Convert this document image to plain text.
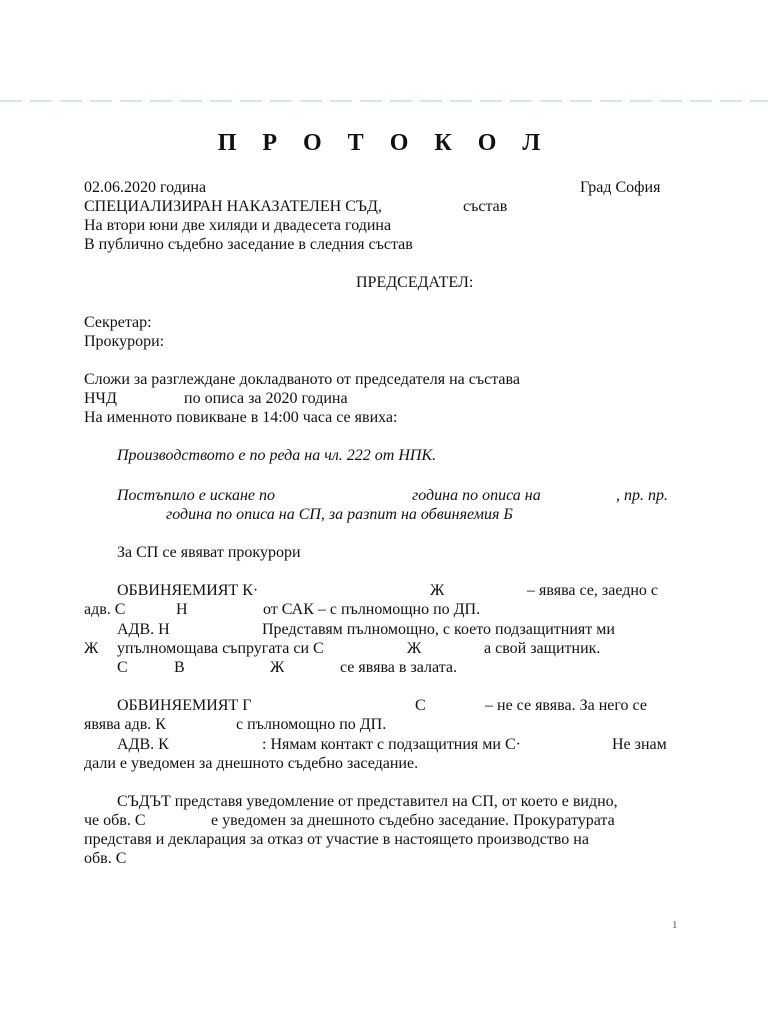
П Р О Т О К О Л
02.06.2020 година	Град София
СПЕЦИАЛИЗИРАН НАКАЗАТЕЛЕН СЪД,	състав
На втори юни две хиляди и двадесета година
В публично съдебно заседание в следния състав
ПРЕДСЕДАТЕЛ:
Секретар:
Прокурори:
Сложи за разглеждане докладваното от председателя на състава
НЧД	по описа за 2020 година
На именното повикване в 14:00 часа се явиха:
Производството е по реда на чл. 222 от НПК.
Постъпило е искане по	година по описа на	, пр. пр.
година по описа на СП, за разпит на обвиняемия Б
За СП се явяват прокурори
ОБВИНЯЕМИЯТ К·	Ж	– явява се, заедно с
адв. С	Н	от САК – с пълномощно по ДП.
АДВ. Н	Представям пълномощно, с което подзащитният ми
Ж упълномощава съпругата си С	Ж	а свой защитник.
С	В	Ж	се явява в залата.
ОБВИНЯЕМИЯТ Г	С	– не се явява. За него се
явява адв. К	с пълномощно по ДП.
АДВ. К	: Нямам контакт с подзащитния ми С·	Не знам
дали е уведомен за днешното съдебно заседание.
СЪДЪТ представя уведомление от представител на СП, от което е видно,
че обв. С	е уведомен за днешното съдебно заседание. Прокуратурата
представя и декларация за отказ от участие в настоящето производство на
обв. С
1
